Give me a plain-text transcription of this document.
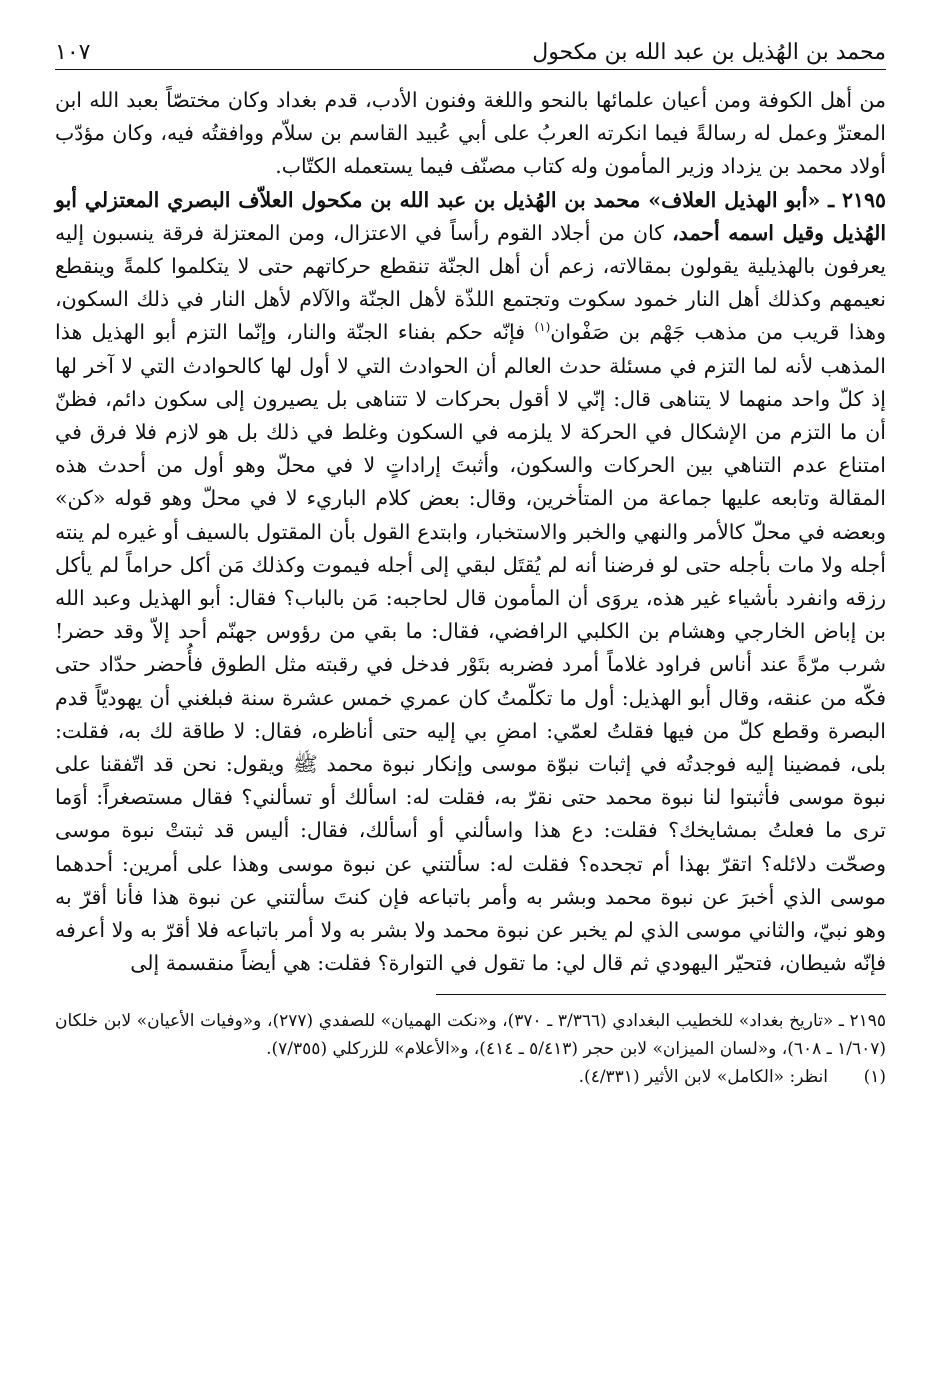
محمد بن الهُذيل بن عبد الله بن مكحول
١٠٧

من أهل الكوفة ومن أعيان علمائها بالنحو واللغة وفنون الأدب، قدم بغداد وكان مختصّاً بعبد الله ابن المعتزّ وعمل له رسالةً فيما انكرته العربُ على أبي عُبيد القاسم بن سلاّم ووافقتُه فيه، وكان مؤدّب أولاد محمد بن يزداد وزير المأمون وله كتاب مصنّف فيما يستعمله الكتّاب.

٢١٩٥ ـ «أبو الهذيل العلاف» محمد بن الهُذيل بن عبد الله بن مكحول العلاّف البصري المعتزلي أبو الهُذيل وقيل اسمه أحمد، كان من أجلاد القوم رأساً في الاعتزال، ومن المعتزلة فرقة ينسبون إليه يعرفون بالهذيلية يقولون بمقالاته، زعم أن أهل الجنّة تنقطع حركاتهم حتى لا يتكلموا كلمةً وينقطع نعيمهم وكذلك أهل النار خمود سكوت وتجتمع اللذّة لأهل الجنّة والآلام لأهل النار في ذلك السكون، وهذا قريب من مذهب جَهْم بن صَفْوان$^{(١)}$ فإنّه حكم بفناء الجنّة والنار، وإنّما التزم أبو الهذيل هذا المذهب لأنه لما التزم في مسئلة حدث العالم أن الحوادث التي لا أول لها كالحوادث التي لا آخر لها إذ كلّ واحد منهما لا يتناهى قال: إنّي لا أقول بحركات لا تتناهى بل يصيرون إلى سكون دائم، فظنّ أن ما التزم من الإشكال في الحركة لا يلزمه في السكون وغلط في ذلك بل هو لازم فلا فرق في امتناع عدم التناهي بين الحركات والسكون، وأثبتَ إراداتٍ لا في محلّ وهو أول من أحدث هذه المقالة وتابعه عليها جماعة من المتأخرين، وقال: بعض كلام الباريء لا في محلّ وهو قوله «كن» وبعضه في محلّ كالأمر والنهي والخبر والاستخبار، وابتدع القول بأن المقتول بالسيف أو غيره لم ينته أجله ولا مات بأجله حتى لو فرضنا أنه لم يُقتَل لبقي إلى أجله فيموت وكذلك مَن أكل حراماً لم يأكل رزقه وانفرد بأشياء غير هذه، يروَى أن المأمون قال لحاجبه: مَن بالباب؟ فقال: أبو الهذيل وعبد الله بن إباض الخارجي وهشام بن الكلبي الرافضي، فقال: ما بقي من رؤوس جهنّم أحد إلاّ وقد حضر! شرب مرّةً عند أناس فراود غلاماً أمرد فضربه بتَوْر فدخل في رقبته مثل الطوق فأُحضر حدّاد حتى فكّه من عنقه، وقال أبو الهذيل: أول ما تكلّمتُ كان عمري خمس عشرة سنة فبلغني أن يهوديّاً قدم البصرة وقطع كلّ من فيها فقلتُ لعمّي: امضِ بي إليه حتى أناظره، فقال: لا طاقة لك به، فقلت: بلى، فمضينا إليه فوجدتُه في إثبات نبوّة موسى وإنكار نبوة محمد ﷺ ويقول: نحن قد اتّفقنا على نبوة موسى فأثبتوا لنا نبوة محمد حتى نقرّ به، فقلت له: اسألك أو تسألني؟ فقال مستصغراً: أوَما ترى ما فعلتُ بمشايخك؟ فقلت: دع هذا واسألني أو أسألك، فقال: أليس قد ثبتتْ نبوة موسى وصحّت دلائله؟ اتقرّ بهذا أم تجحده؟ فقلت له: سألتني عن نبوة موسى وهذا على أمرين: أحدهما موسى الذي أخبرَ عن نبوة محمد وبشر به وأمر باتباعه فإن كنتَ سألتني عن نبوة هذا فأنا أقرّ به وهو نبيّ، والثاني موسى الذي لم يخبر عن نبوة محمد ولا بشر به ولا أمر باتباعه فلا أقرّ به ولا أعرفه فإنّه شيطان، فتحيّر اليهودي ثم قال لي: ما تقول في التوارة؟ فقلت: هي أيضاً منقسمة إلى

٢١٩٥ ـ «تاريخ بغداد» للخطيب البغدادي (٣/٣٦٦ ـ ٣٧٠)، و«نكت الهميان» للصفدي (٢٧٧)، و«وفيات الأعيان» لابن خلكان (١/٦٠٧ ـ ٦٠٨)، و«لسان الميزان» لابن حجر (٥/٤١٣ ـ ٤١٤)، و«الأعلام» للزركلي (٧/٣٥٥).

(١)انظر: «الكامل» لابن الأثير (٤/٣٣١).
